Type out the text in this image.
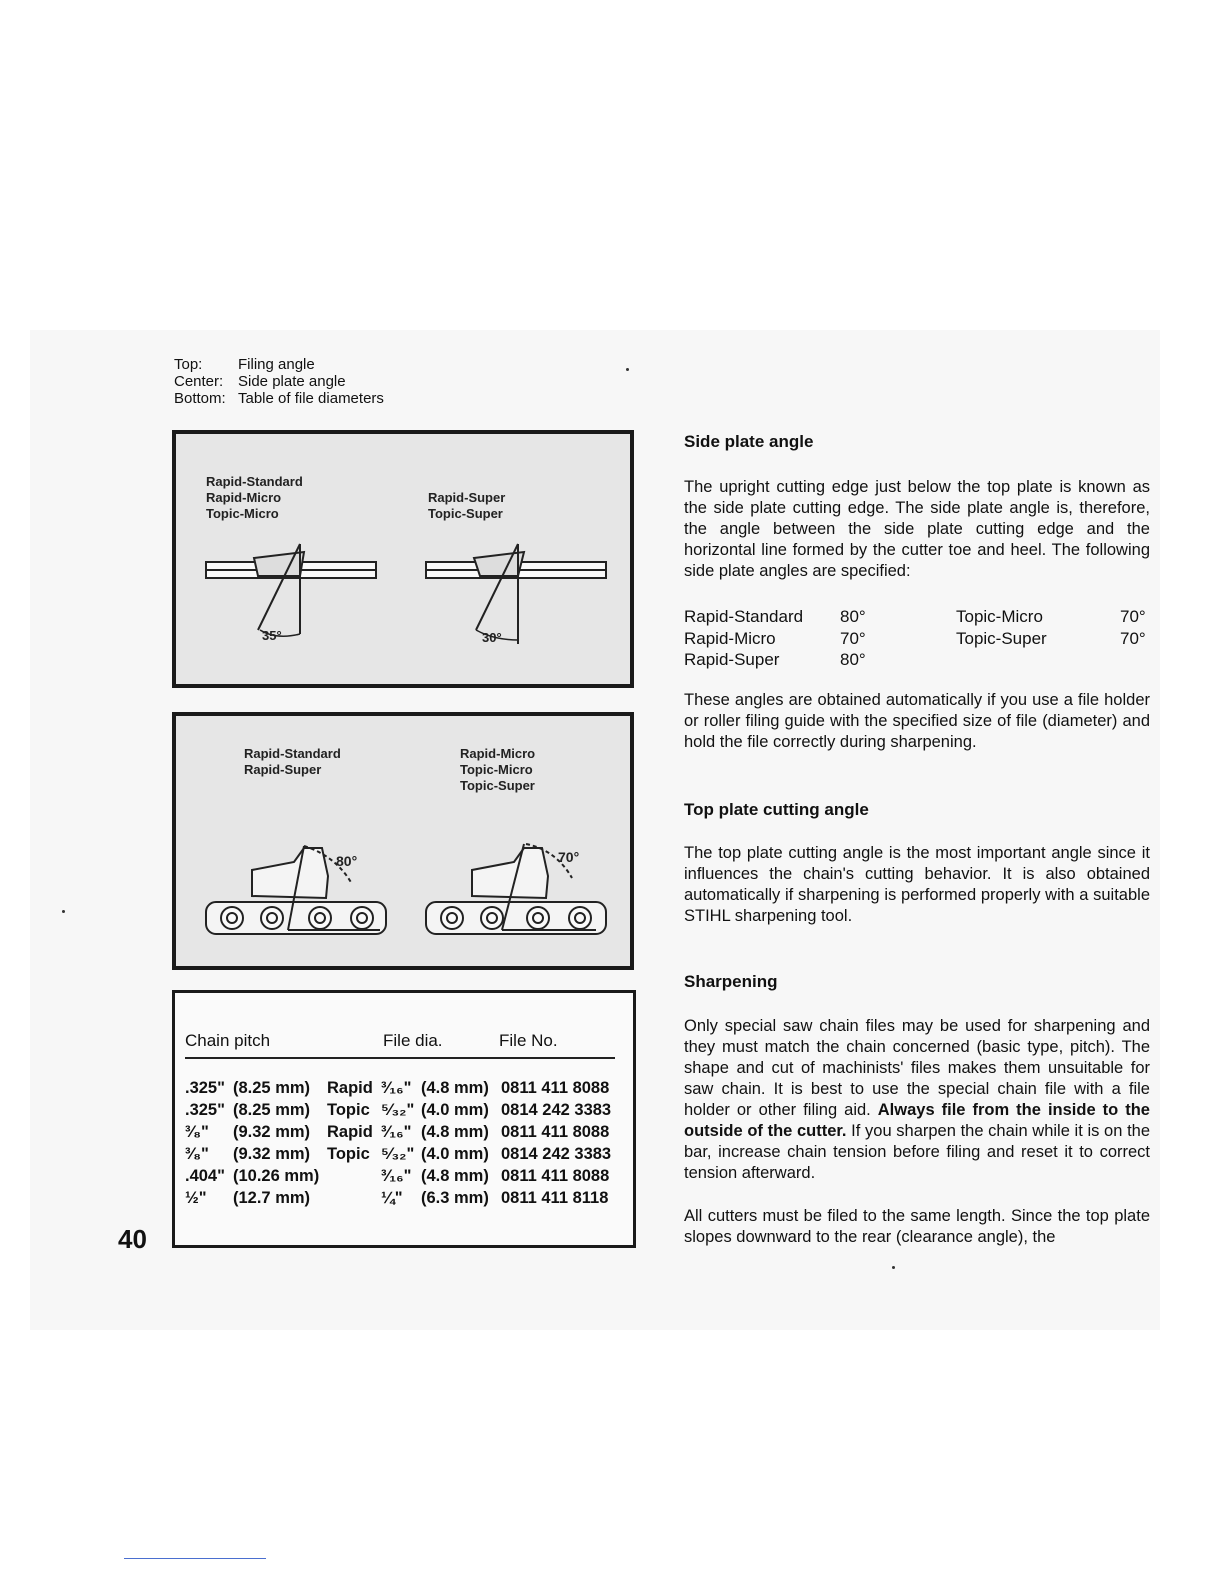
Top:	Filing angle
Center: Side plate angle
Bottom: Table of file diameters
35°	30°
Rapid-Standard
Rapid-Micro
Topic-Micro
Rapid-Super
Topic-Super
80°	70°
Rapid-Standard
Rapid-Super
Rapid-Micro
Topic-Micro
Topic-Super
Chain pitch	File dia.	File No.

.325" (8.25 mm) Rapid ³⁄₁₆" (4.8 mm) 0811 411 8088
.325" (8.25 mm) Topic ⁵⁄₃₂" (4.0 mm) 0814 242 3383
³⁄₈" (9.32 mm) Rapid ³⁄₁₆" (4.8 mm) 0811 411 8088
³⁄₈" (9.32 mm) Topic ⁵⁄₃₂" (4.0 mm) 0814 242 3383
.404" (10.26 mm)	³⁄₁₆" (4.8 mm) 0811 411 8088
½" (12.7 mm)	¼" (6.3 mm) 0811 411 8118
40
Side plate angle

The upright cutting edge just below the top plate is known as the side plate cutting edge. The side plate angle is, therefore, the angle between the side plate cutting edge and the horizontal line formed by the cutter toe and heel. The following side plate angles are specified:

Rapid-Standard 80°	Topic-Micro	70°
Rapid-Micro	70°	Topic-Super	70°
Rapid-Super	80°

These angles are obtained automatically if you use a file holder or roller filing guide with the specified size of file (diameter) and hold the file correctly during sharpening.

Top plate cutting angle

The top plate cutting angle is the most important angle since it influences the chain's cutting behavior. It is also obtained automatically if sharpening is performed properly with a suitable STIHL sharpening tool.

Sharpening

Only special saw chain files may be used for sharpening and they must match the chain concerned (basic type, pitch). The shape and cut of machinists' files makes them unsuitable for saw chain. It is best to use the special chain file with a file holder or other filing aid. Always file from the inside to the outside of the cutter. If you sharpen the chain while it is on the bar, increase chain tension before filing and reset it to correct tension afterward.

All cutters must be filed to the same length. Since the top plate slopes downward to the rear (clearance angle), the
